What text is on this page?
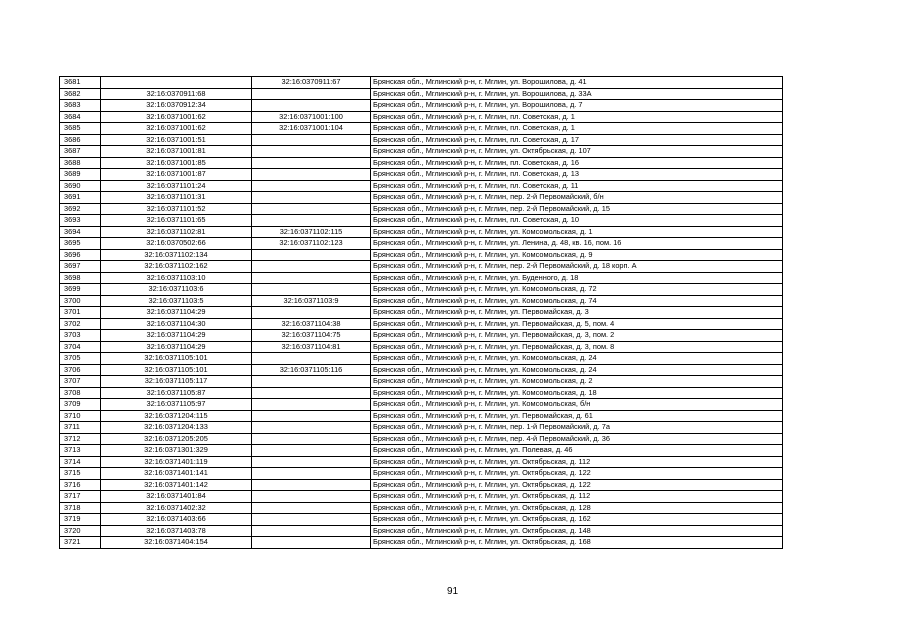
3681		32:16:0370911:67	Брянская обл., Мглинский р-н, г. Мглин, ул. Ворошилова, д. 41
3682	32:16:0370911:68		Брянская обл., Мглинский р-н, г. Мглин, ул. Ворошилова, д. 33А
3683	32:16:0370912:34		Брянская обл., Мглинский р-н, г. Мглин, ул. Ворошилова, д. 7
3684	32:16:0371001:62	32:16:0371001:100	Брянская обл., Мглинский р-н, г. Мглин, пл. Советская, д. 1
3685	32:16:0371001:62	32:16:0371001:104	Брянская обл., Мглинский р-н, г. Мглин, пл. Советская, д. 1
3686	32:16:0371001:51		Брянская обл., Мглинский р-н, г. Мглин, пл. Советская, д. 17
3687	32:16:0371001:81		Брянская обл., Мглинский р-н, г. Мглин, ул. Октябрьская, д. 107
3688	32:16:0371001:85		Брянская обл., Мглинский р-н, г. Мглин, пл. Советская, д. 16
3689	32:16:0371001:87		Брянская обл., Мглинский р-н, г. Мглин, пл. Советская, д. 13
3690	32:16:0371101:24		Брянская обл., Мглинский р-н, г. Мглин, пл. Советская, д. 11
3691	32:16:0371101:31		Брянская обл., Мглинский р-н, г. Мглин, пер. 2-й Первомайский, б/н
3692	32:16:0371101:52		Брянская обл., Мглинский р-н, г. Мглин, пер. 2-й Первомайский, д. 15
3693	32:16:0371101:65		Брянская обл., Мглинский р-н, г. Мглин, пл. Советская, д. 10
3694	32:16:0371102:81	32:16:0371102:115	Брянская обл., Мглинский р-н, г. Мглин, ул. Комсомольская, д. 1
3695	32:16:0370502:66	32:16:0371102:123	Брянская обл., Мглинский р-н, г. Мглин, ул. Ленина, д. 48, кв. 16, пом. 16
3696	32:16:0371102:134		Брянская обл., Мглинский р-н, г. Мглин, ул. Комсомольская, д. 9
3697	32:16:0371102:162		Брянская обл., Мглинский р-н, г. Мглин, пер. 2-й Первомайский, д. 18 корп. А
3698	32:16:0371103:10		Брянская обл., Мглинский р-н, г. Мглин, ул. Буденного, д. 18
3699	32:16:0371103:6		Брянская обл., Мглинский р-н, г. Мглин, ул. Комсомольская, д. 72
3700	32:16:0371103:5	32:16:0371103:9	Брянская обл., Мглинский р-н, г. Мглин, ул. Комсомольская, д. 74
3701	32:16:0371104:29		Брянская обл., Мглинский р-н, г. Мглин, ул. Первомайская, д. 3
3702	32:16:0371104:30	32:16:0371104:38	Брянская обл., Мглинский р-н, г. Мглин, ул. Первомайская, д. 5, пом. 4
3703	32:16:0371104:29	32:16:0371104:75	Брянская обл., Мглинский р-н, г. Мглин, ул. Первомайская, д. 3, пом. 2
3704	32:16:0371104:29	32:16:0371104:81	Брянская обл., Мглинский р-н, г. Мглин, ул. Первомайская, д. 3, пом. 8
3705	32:16:0371105:101		Брянская обл., Мглинский р-н, г. Мглин, ул. Комсомольская, д. 24
3706	32:16:0371105:101	32:16:0371105:116	Брянская обл., Мглинский р-н, г. Мглин, ул. Комсомольская, д. 24
3707	32:16:0371105:117		Брянская обл., Мглинский р-н, г. Мглин, ул. Комсомольская, д. 2
3708	32:16:0371105:87		Брянская обл., Мглинский р-н, г. Мглин, ул. Комсомольская, д. 18
3709	32:16:0371105:97		Брянская обл., Мглинский р-н, г. Мглин, ул. Комсомольская, б/н
3710	32:16:0371204:115		Брянская обл., Мглинский р-н, г. Мглин, ул. Первомайская, д. 61
3711	32:16:0371204:133		Брянская обл., Мглинский р-н, г. Мглин, пер. 1-й Первомайский, д. 7а
3712	32:16:0371205:205		Брянская обл., Мглинский р-н, г. Мглин, пер. 4-й Первомайский, д. 36
3713	32:16:0371301:329		Брянская обл., Мглинский р-н, г. Мглин, ул. Полевая, д. 46
3714	32:16:0371401:119		Брянская обл., Мглинский р-н, г. Мглин, ул. Октябрьская, д. 112
3715	32:16:0371401:141		Брянская обл., Мглинский р-н, г. Мглин, ул. Октябрьская, д. 122
3716	32:16:0371401:142		Брянская обл., Мглинский р-н, г. Мглин, ул. Октябрьская, д. 122
3717	32:16:0371401:84		Брянская обл., Мглинский р-н, г. Мглин, ул. Октябрьская, д. 112
3718	32:16:0371402:32		Брянская обл., Мглинский р-н, г. Мглин, ул. Октябрьская, д. 128
3719	32:16:0371403:66		Брянская обл., Мглинский р-н, г. Мглин, ул. Октябрьская, д. 162
3720	32:16:0371403:78		Брянская обл., Мглинский р-н, г. Мглин, ул. Октябрьская, д. 148
3721	32:16:0371404:154		Брянская обл., Мглинский р-н, г. Мглин, ул. Октябрьская, д. 168
91
